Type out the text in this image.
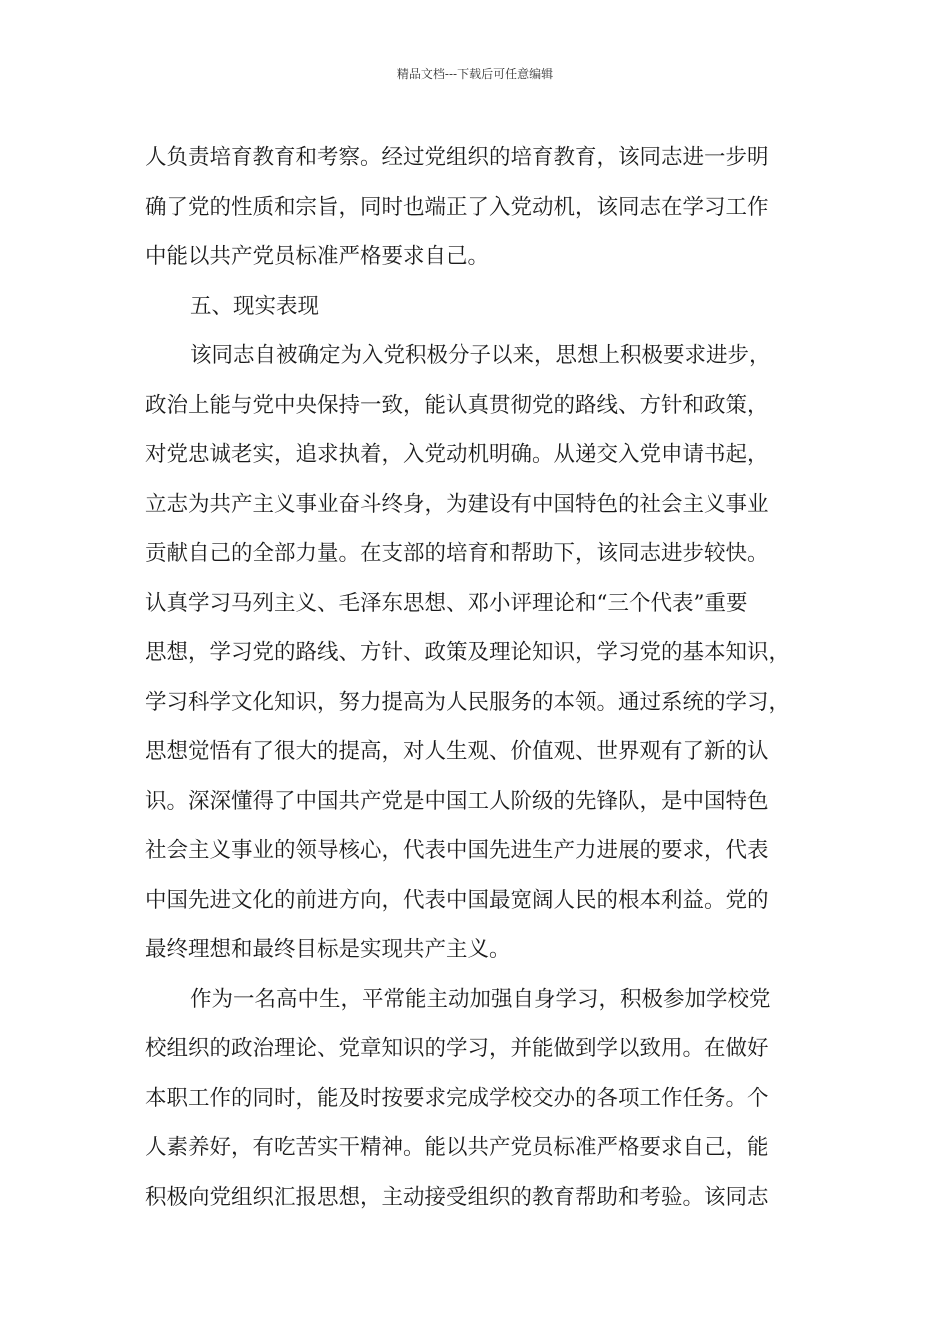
精品文档---下载后可任意编辑
人负责培育教育和考察。经过党组织的培育教育，该同志进一步明
确了党的性质和宗旨，同时也端正了入党动机，该同志在学习工作
中能以共产党员标准严格要求自己。
五、现实表现
该同志自被确定为入党积极分子以来，思想上积极要求进步，
政治上能与党中央保持一致，能认真贯彻党的路线、方针和政策，
对党忠诚老实，追求执着，入党动机明确。从递交入党申请书起，
立志为共产主义事业奋斗终身，为建设有中国特色的社会主义事业
贡献自己的全部力量。在支部的培育和帮助下，该同志进步较快。
认真学习马列主义、毛泽东思想、邓小评理论和“三个代表”重要
思想，学习党的路线、方针、政策及理论知识，学习党的基本知识，
学习科学文化知识，努力提高为人民服务的本领。通过系统的学习，
思想觉悟有了很大的提高，对人生观、价值观、世界观有了新的认
识。深深懂得了中国共产党是中国工人阶级的先锋队，是中国特色
社会主义事业的领导核心，代表中国先进生产力进展的要求，代表
中国先进文化的前进方向，代表中国最宽阔人民的根本利益。党的
最终理想和最终目标是实现共产主义。
作为一名高中生，平常能主动加强自身学习，积极参加学校党
校组织的政治理论、党章知识的学习，并能做到学以致用。在做好
本职工作的同时，能及时按要求完成学校交办的各项工作任务。个
人素养好，有吃苦实干精神。能以共产党员标准严格要求自己，能
积极向党组织汇报思想，主动接受组织的教育帮助和考验。该同志
